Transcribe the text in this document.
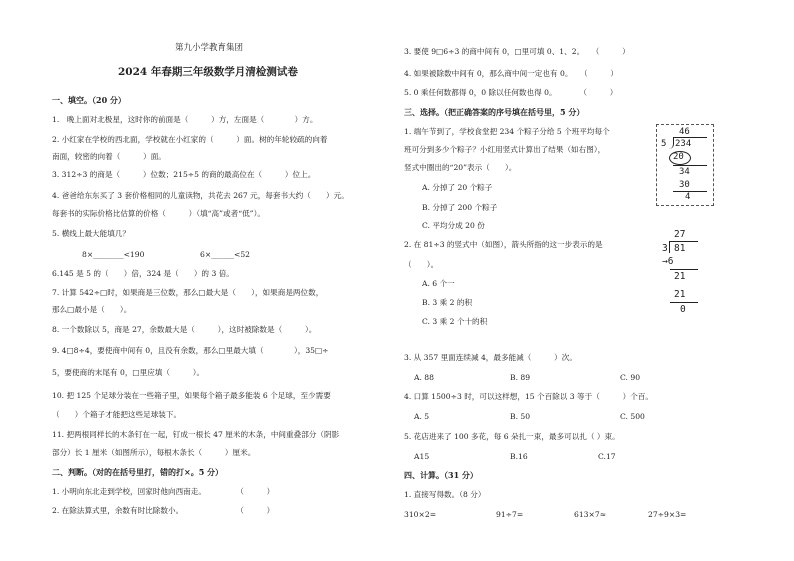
第九小学教育集团
2024 年春期三年级数学月清检测试卷
一、填空。（20 分）
1.　晚上面对北极星，这时你的前面是（　　　）方，左面是（　　　　）方。
2. 小红家在学校的西北面，学校就在小红家的（　　　）面。树的年轮较疏的向着
南面，较密的向着（　　　）面。
3. 312÷3 的商是（　　　）位数；215÷5 的商的最高位在（　　　）位上。
4. 爸爸给东东买了 3 套价格相同的儿童读物，共花去 267 元，每套书大约（　　）元。
每套书的实际价格比估算的价格（　　　）（填“高”或者“低”）。
5. 横线上最大能填几？
8×________<190	6×______<52
6.145 是 5 的（　　）倍，324 是（　　）的 3 倍。
7. 计算 542÷□时，如果商是三位数，那么□最大是（　　），如果商是两位数，
那么□最小是（　　）。
8. 一个数除以 5，商是 27，余数最大是（　　　），这时被除数是（　　　）。
9. 4□8÷4，要使商中间有 0，且没有余数，那么□里最大填（　　　　），35□÷
5，要使商的末尾有 0，□里应填（　　　）。
10. 把 125 个足球分装在一些箱子里，如果每个箱子最多能装 6 个足球，至少需要
（　　）个箱子才能把这些足球装下。
11. 把两根同样长的木条钉在一起，钉成一根长 47 厘米的木条，中间重叠部分（阴影
部分）长 1 厘米（如图所示），每根木条长（　　　）厘米。
二、判断。（对的在括号里打，错的打×。5 分）
1. 小明向东北走到学校，回家时他向西南走。　　　　　（　　　）
2. 在除法算式里，余数有时比除数小。　　　　　　　　（　　　）
3. 要使 9□6÷3 的商中间有 0，□里可填 0、1、2。　　（　　　）
4. 如果被除数中间有 0，那么商中间一定也有 0。　　（　　　）
5. 0 乘任何数都得 0，0 除以任何数也得 0。　　　　（　　　）
三、选择。（把正确答案的序号填在括号里，5 分）
1. 端午节到了，学校食堂把 234 个粽子分给 5 个班平均每个
班可分到多少个粽子？小红用竖式计算出了结果（如右图），
竖式中圈出的“20”表示（　　）。
A. 分掉了 20 个粽子
B. 分掉了 200 个粽子
C. 平均分成 20 份
46
5 234
20
34
30
4
2. 在 81÷3 的竖式中（如图），箭头所指的这一步表示的是
（　　）。
A. 6 个一
B. 3 乘 2 的积
C. 3 乘 2 个十的积
27
3 81
→6
21
21
0
3. 从 357 里面连续减 4，最多能减（　　　）次。
A. 88	B. 89	C. 90
4. 口算 1500÷3 时，可以这样想，15 个百除以 3 等于（　　　）个百。
A. 5	B. 50	C. 500
5. 花店进来了 100 多花，每 6 朵扎一束，最多可以扎（ ）束。
A15	B.16	C.17
四、计算。（31 分）
1. 直接写得数。（8 分）
310×2=	91÷7=	613×7≈	27÷9×3=
